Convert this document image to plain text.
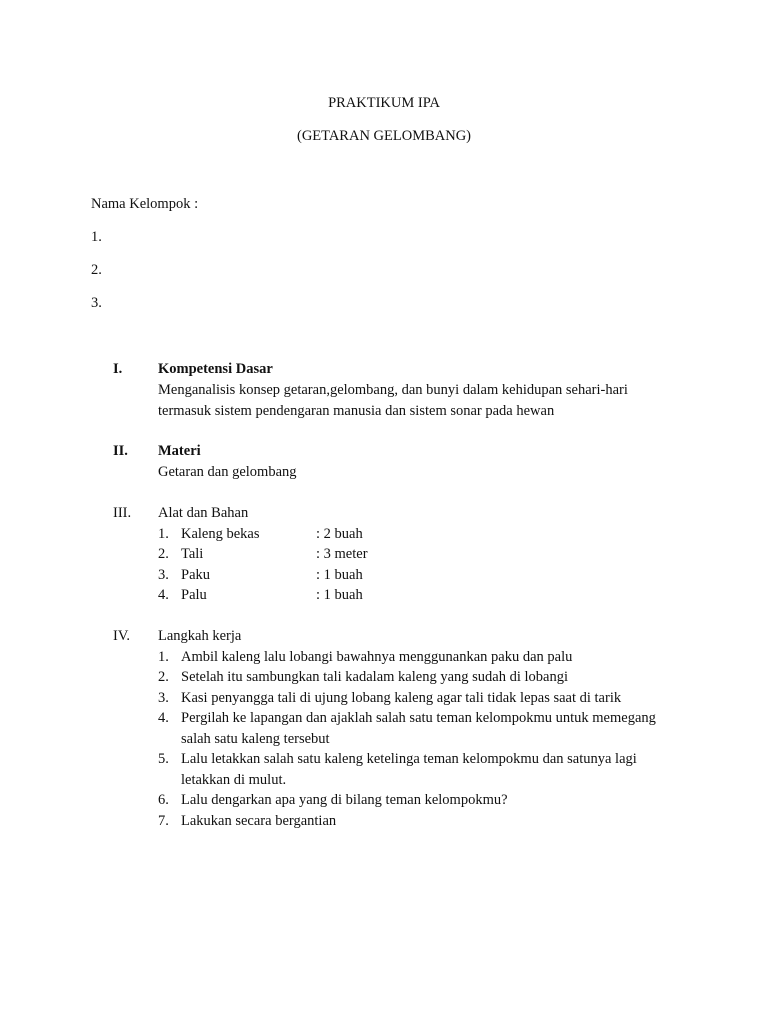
PRAKTIKUM IPA
(GETARAN GELOMBANG)
Nama Kelompok :
1.
2.
3.
I. Kompetensi Dasar
Menganalisis konsep getaran,gelombang, dan bunyi dalam kehidupan sehari-hari
termasuk sistem pendengaran manusia dan sistem sonar pada hewan
II. Materi
Getaran dan gelombang
III. Alat dan Bahan
1. Kaleng bekas	: 2 buah
2. Tali	: 3 meter
3. Paku	: 1 buah
4. Palu	: 1 buah
IV. Langkah kerja
1. Ambil kaleng lalu lobangi bawahnya menggunankan paku dan palu
2. Setelah itu sambungkan tali kadalam kaleng yang sudah di lobangi
3. Kasi penyangga tali di ujung lobang kaleng agar tali tidak lepas saat di tarik
4. Pergilah ke lapangan dan ajaklah salah satu teman kelompokmu untuk memegang
salah satu kaleng tersebut
5. Lalu letakkan salah satu kaleng ketelinga teman kelompokmu dan satunya lagi
letakkan di mulut.
6. Lalu dengarkan apa yang di bilang teman kelompokmu?
7. Lakukan secara bergantian
